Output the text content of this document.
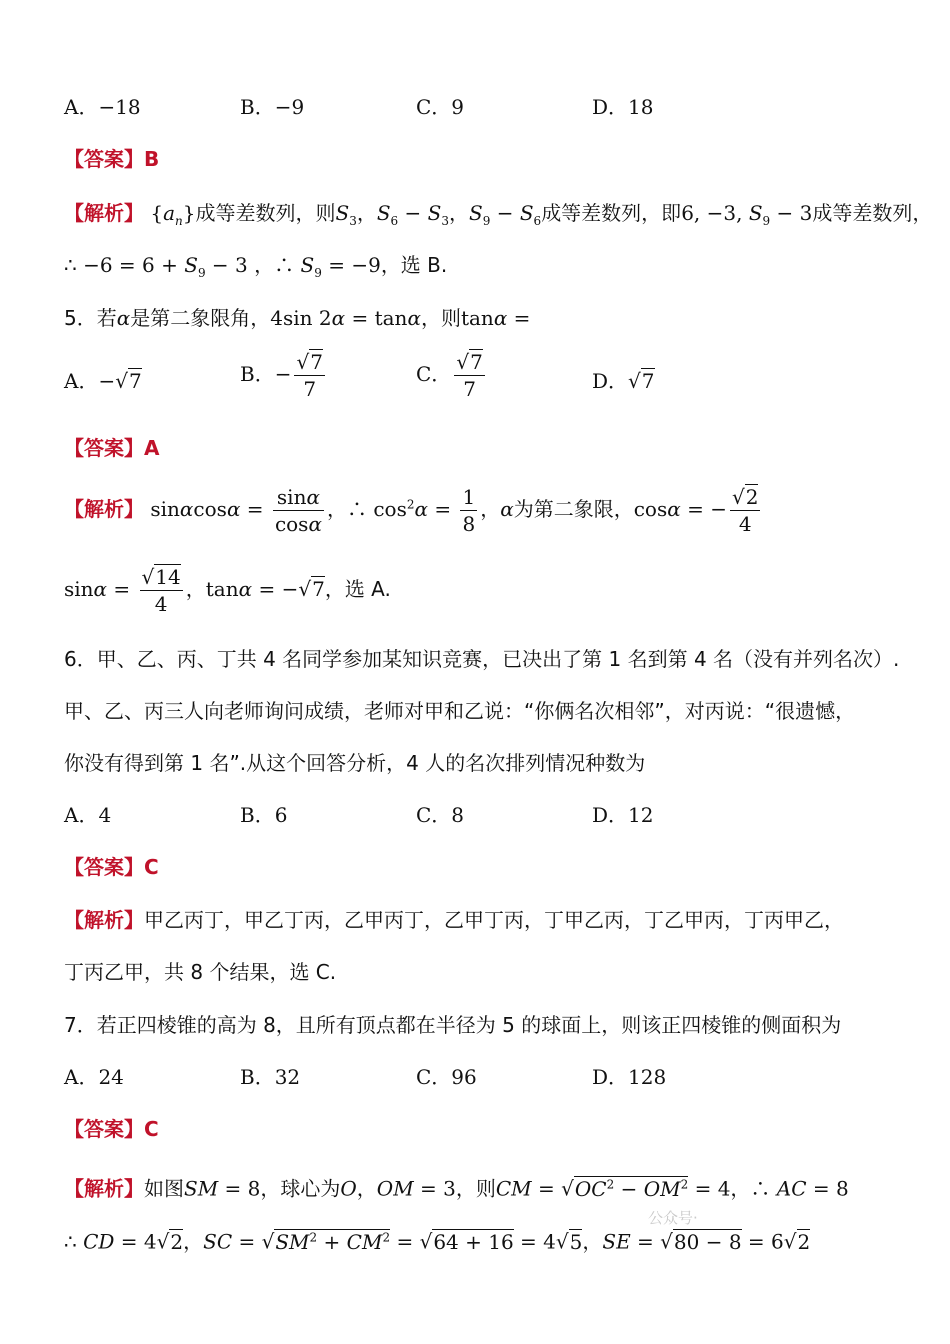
A．−18	B．−9	C．9	D．18
【答案】B
【解析】 $\{a_n\}$成等差数列，则$S_3$，$S_6 - S_3$，$S_9 - S_6$成等差数列，即6, −3, $S_9 - 3$成等差数列，
∴ $-6 = 6 + S_9 - 3$ ，∴ $S_9 = -9$，选 B.
5．若α是第二象限角，4sin 2α = tanα，则tanα =
A．−√7	B．− $\frac{√7}{7}$	C． $\frac{√7}{7}$	D．√7
【答案】A
【解析】 $\sin\alpha\cos\alpha = \frac{\sin\alpha}{\cos\alpha}$ ，∴ $\cos^2\alpha = \frac{1}{8}$ ，α为第二象限，cosα = − $\frac{√2}{4}$
$\sin\alpha = \frac{√14}{4}$ ，tanα = −√7，选 A.
6．甲、乙、丙、丁共 4 名同学参加某知识竞赛，已决出了第 1 名到第 4 名（没有并列名次）.
甲、乙、丙三人向老师询问成绩，老师对甲和乙说：“你俩名次相邻”，对丙说：“很遗憾，
你没有得到第 1 名”.从这个回答分析，4 人的名次排列情况种数为
A．4	B．6	C．8	D．12
【答案】C
【解析】甲乙丙丁，甲乙丁丙，乙甲丙丁，乙甲丁丙，丁甲乙丙，丁乙甲丙，丁丙甲乙，
丁丙乙甲，共 8 个结果，选 C.
7．若正四棱锥的高为 8，且所有顶点都在半径为 5 的球面上，则该正四棱锥的侧面积为
A．24	B．32	C．96	D．128
【答案】C
【解析】如图SM = 8，球心为O，OM = 3，则CM = $√OC^2 - OM^2 = 4$，∴ AC = 8
∴ CD = 4√2，SC = $√SM^2 + CM^2 = √64 + 16 = 4√5$，SE = √80 − 8 = 6√2
公众号·
